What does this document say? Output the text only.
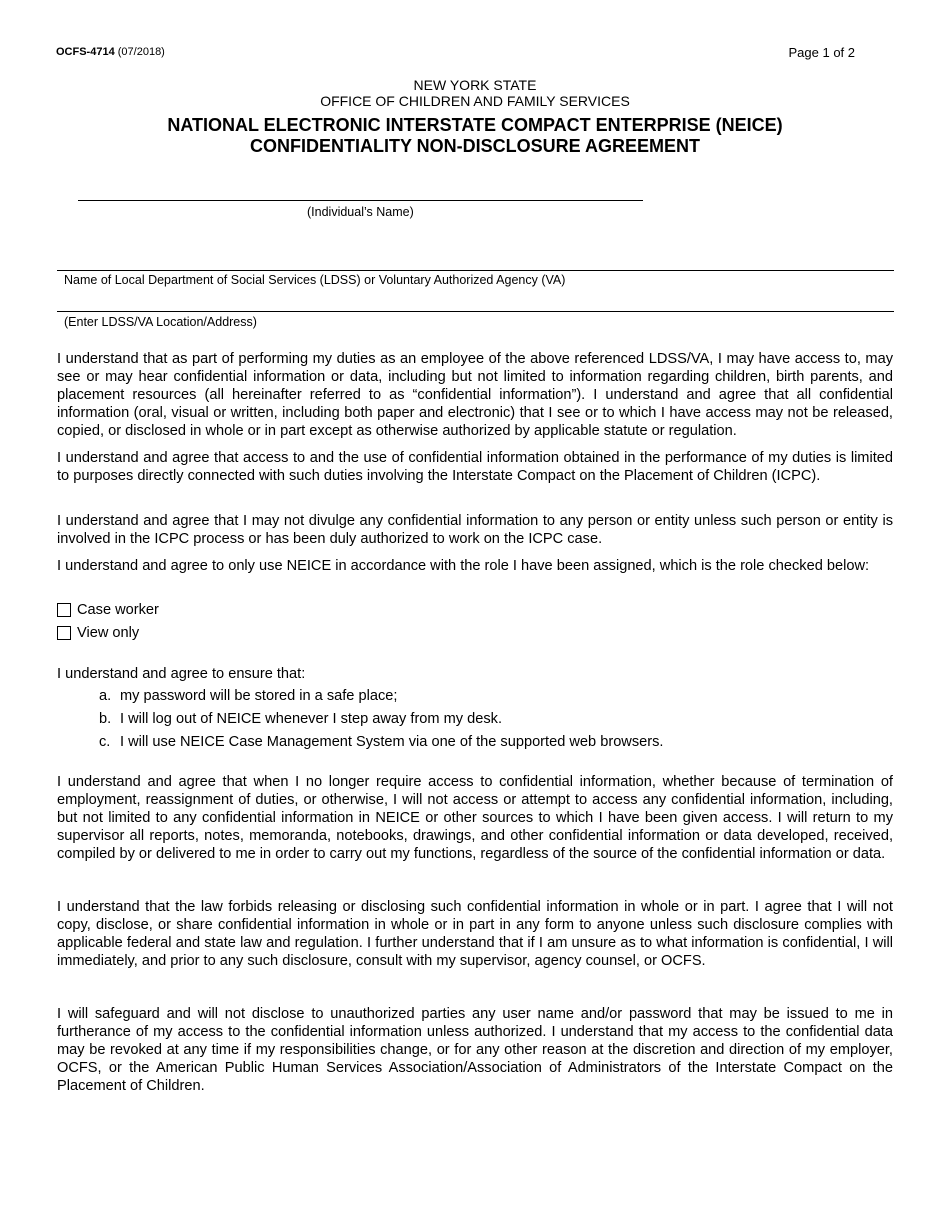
OCFS-4714 (07/2018)	Page 1 of 2
NEW YORK STATE
OFFICE OF CHILDREN AND FAMILY SERVICES
NATIONAL ELECTRONIC INTERSTATE COMPACT ENTERPRISE (NEICE)
CONFIDENTIALITY NON-DISCLOSURE AGREEMENT
(Individual’s Name)
Name of Local Department of Social Services (LDSS) or Voluntary Authorized Agency (VA)
(Enter LDSS/VA Location/Address)

I understand that as part of performing my duties as an employee of the above referenced LDSS/VA, I may have access to, may see or may hear confidential information or data, including but not limited to information regarding children, birth parents, and placement resources (all hereinafter referred to as “confidential information”). I understand and agree that all confidential information (oral, visual or written, including both paper and electronic) that I see or to which I have access may not be released, copied, or disclosed in whole or in part except as otherwise authorized by applicable statute or regulation.

I understand and agree that access to and the use of confidential information obtained in the performance of my duties is limited to purposes directly connected with such duties involving the Interstate Compact on the Placement of Children (ICPC).

I understand and agree that I may not divulge any confidential information to any person or entity unless such person or entity is involved in the ICPC process or has been duly authorized to work on the ICPC case.

I understand and agree to only use NEICE in accordance with the role I have been assigned, which is the role checked below:

Case worker
View only

I understand and agree to ensure that:

a. my password will be stored in a safe place;
b. I will log out of NEICE whenever I step away from my desk.
c. I will use NEICE Case Management System via one of the supported web browsers.

I understand and agree that when I no longer require access to confidential information, whether because of termination of employment, reassignment of duties, or otherwise, I will not access or attempt to access any confidential information, including, but not limited to any confidential information in NEICE or other sources to which I have been given access. I will return to my supervisor all reports, notes, memoranda, notebooks, drawings, and other confidential information or data developed, received, compiled by or delivered to me in order to carry out my functions, regardless of the source of the confidential information or data.

I understand that the law forbids releasing or disclosing such confidential information in whole or in part. I agree that I will not copy, disclose, or share confidential information in whole or in part in any form to anyone unless such disclosure complies with applicable federal and state law and regulation. I further understand that if I am unsure as to what information is confidential, I will immediately, and prior to any such disclosure, consult with my supervisor, agency counsel, or OCFS.

I will safeguard and will not disclose to unauthorized parties any user name and/or password that may be issued to me in furtherance of my access to the confidential information unless authorized. I understand that my access to the confidential data may be revoked at any time if my responsibilities change, or for any other reason at the discretion and direction of my employer, OCFS, or the American Public Human Services Association/Association of Administrators of the Interstate Compact on the Placement of Children.
